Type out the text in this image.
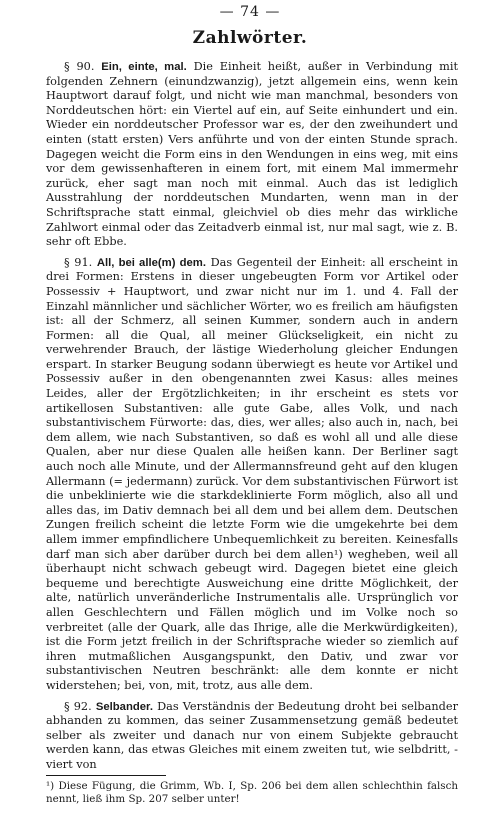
— 74 —
Zahlwörter.

§ 90. Ein, einte, mal. Die Einheit heißt, außer in Verbindung mit folgenden Zehnern (einundzwanzig), jetzt allgemein eins, wenn kein Hauptwort darauf folgt, und nicht wie man manchmal, besonders von Norddeutschen hört: ein Viertel auf ein, auf Seite einhundert und ein. Wieder ein norddeutscher Professor war es, der den zweihundert und einten (statt ersten) Vers anführte und von der einten Stunde sprach. Dagegen weicht die Form eins in den Wendungen in eins weg, mit eins vor dem gewissenhafteren in einem fort, mit einem Mal immermehr zurück, eher sagt man noch mit einmal. Auch das ist lediglich Ausstrahlung der norddeutschen Mundarten, wenn man in der Schriftsprache statt einmal, gleichviel ob dies mehr das wirkliche Zahlwort einmal oder das Zeitadverb einmal ist, nur mal sagt, wie z. B. sehr oft Ebbe.

§ 91. All, bei alle(m) dem. Das Gegenteil der Einheit: all erscheint in drei Formen: Erstens in dieser ungebeugten Form vor Artikel oder Possessiv + Hauptwort, und zwar nicht nur im 1. und 4. Fall der Einzahl männlicher und sächlicher Wörter, wo es freilich am häufigsten ist: all der Schmerz, all seinen Kummer, sondern auch in andern Formen: all die Qual, all meiner Glückseligkeit, ein nicht zu verwehrender Brauch, der lästige Wiederholung gleicher Endungen erspart. In starker Beugung sodann überwiegt es heute vor Artikel und Possessiv außer in den obengenannten zwei Kasus: alles meines Leides, aller der Ergötzlichkeiten; in ihr erscheint es stets vor artikellosen Substantiven: alle gute Gabe, alles Volk, und nach substantivischem Fürworte: das, dies, wer alles; also auch in, nach, bei dem allem, wie nach Substantiven, so daß es wohl all und alle diese Qualen, aber nur diese Qualen alle heißen kann. Der Berliner sagt auch noch alle Minute, und der Allermannsfreund geht auf den klugen Allermann (= jedermann) zurück. Vor dem substantivischen Fürwort ist die unbeklinierte wie die starkdeklinierte Form möglich, also all und alles das, im Dativ demnach bei all dem und bei allem dem. Deutschen Zungen freilich scheint die letzte Form wie die umgekehrte bei dem allem immer empfindlichere Unbequemlichkeit zu bereiten. Keinesfalls darf man sich aber darüber durch bei dem allen¹) wegheben, weil all überhaupt nicht schwach gebeugt wird. Dagegen bietet eine gleich bequeme und berechtigte Ausweichung eine dritte Möglichkeit, der alte, natürlich unveränderliche Instrumentalis alle. Ursprünglich vor allen Geschlechtern und Fällen möglich und im Volke noch so verbreitet (alle der Quark, alle das Ihrige, alle die Merkwürdigkeiten), ist die Form jetzt freilich in der Schriftsprache wieder so ziemlich auf ihren mutmaßlichen Ausgangspunkt, den Dativ, und zwar vor substantivischen Neutren beschränkt: alle dem konnte er nicht widerstehen; bei, von, mit, trotz, aus alle dem.

§ 92. Selbander. Das Verständnis der Bedeutung droht bei selbander abhanden zu kommen, das seiner Zusammensetzung gemäß bedeutet selber als zweiter und danach nur von einem Subjekte gebraucht werden kann, das etwas Gleiches mit einem zweiten tut, wie selbdritt, -viert von

¹) Diese Fügung, die Grimm, Wb. I, Sp. 206 bei dem allen schlechthin falsch nennt, ließ ihm Sp. 207 selber unter!
